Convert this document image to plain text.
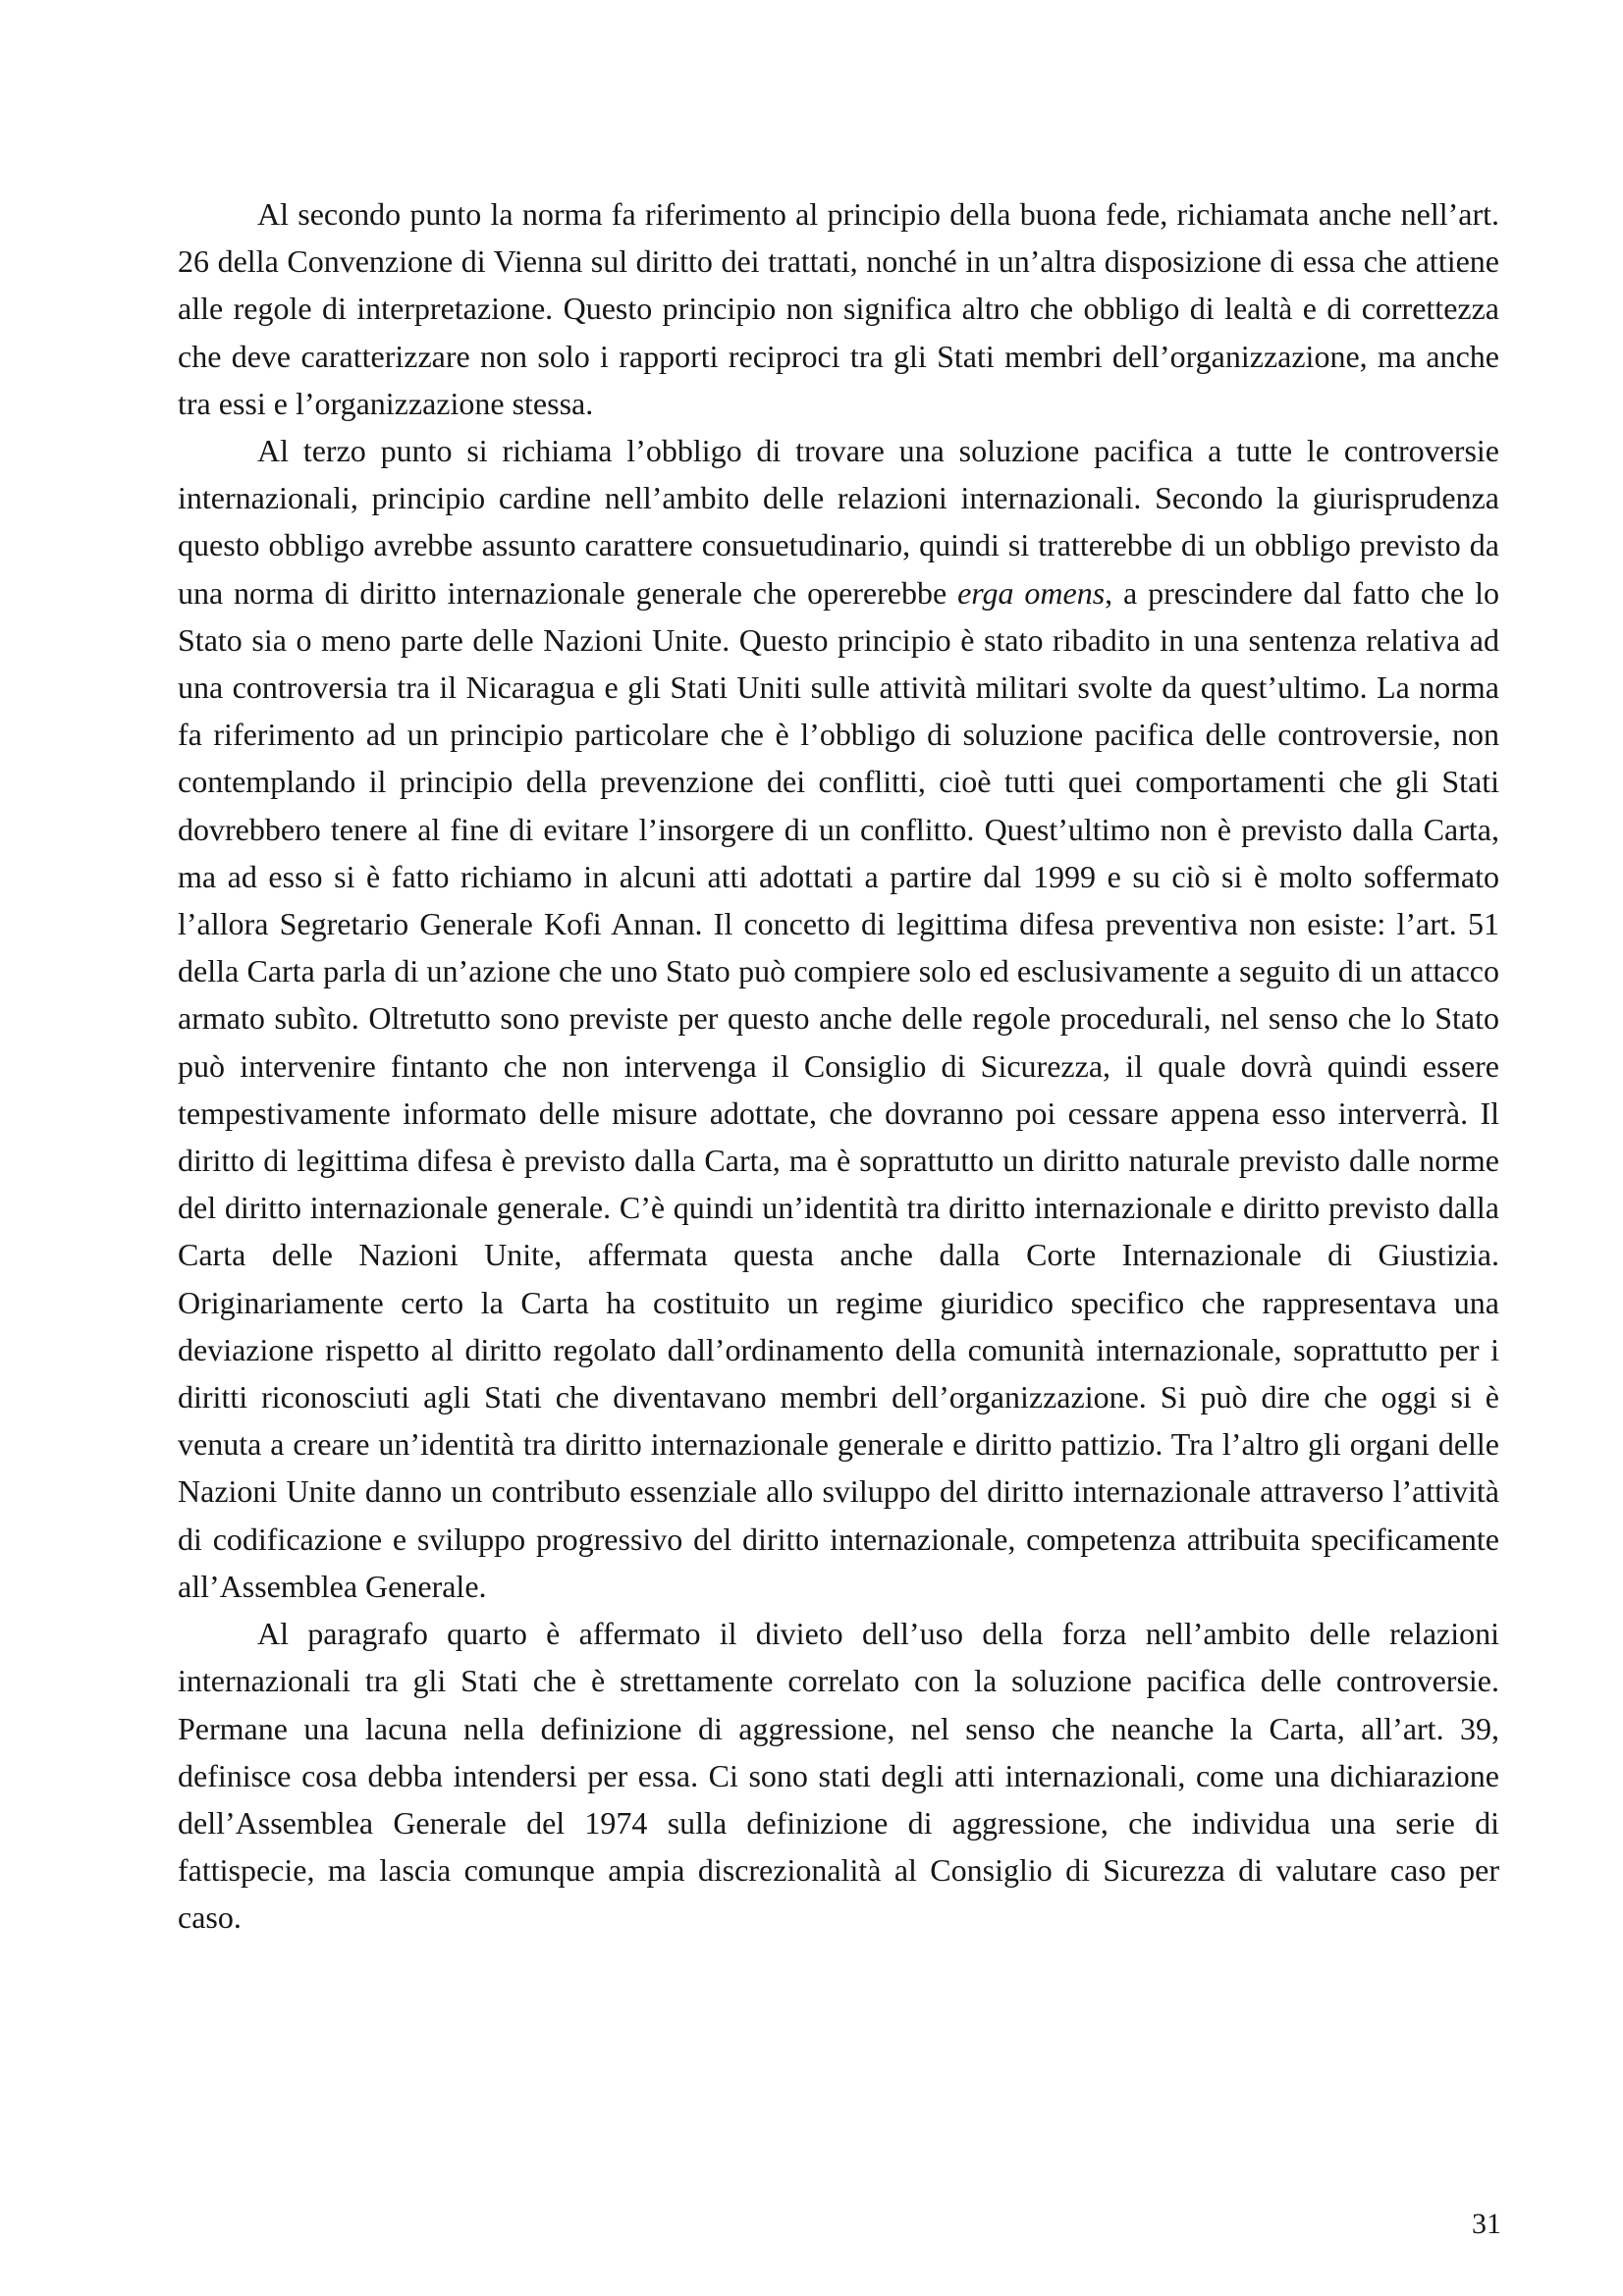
Al secondo punto la norma fa riferimento al principio della buona fede, richiamata anche nell’art. 26 della Convenzione di Vienna sul diritto dei trattati, nonché in un’altra disposizione di essa che attiene alle regole di interpretazione. Questo principio non significa altro che obbligo di lealtà e di correttezza che deve caratterizzare non solo i rapporti reciproci tra gli Stati membri dell’organizzazione, ma anche tra essi e l’organizzazione stessa.

Al terzo punto si richiama l’obbligo di trovare una soluzione pacifica a tutte le controversie internazionali, principio cardine nell’ambito delle relazioni internazionali. Secondo la giurisprudenza questo obbligo avrebbe assunto carattere consuetudinario, quindi si tratterebbe di un obbligo previsto da una norma di diritto internazionale generale che opererebbe erga omens, a prescindere dal fatto che lo Stato sia o meno parte delle Nazioni Unite. Questo principio è stato ribadito in una sentenza relativa ad una controversia tra il Nicaragua e gli Stati Uniti sulle attività militari svolte da quest’ultimo. La norma fa riferimento ad un principio particolare che è l’obbligo di soluzione pacifica delle controversie, non contemplando il principio della prevenzione dei conflitti, cioè tutti quei comportamenti che gli Stati dovrebbero tenere al fine di evitare l’insorgere di un conflitto. Quest’ultimo non è previsto dalla Carta, ma ad esso si è fatto richiamo in alcuni atti adottati a partire dal 1999 e su ciò si è molto soffermato l’allora Segretario Generale Kofi Annan. Il concetto di legittima difesa preventiva non esiste: l’art. 51 della Carta parla di un’azione che uno Stato può compiere solo ed esclusivamente a seguito di un attacco armato subìto. Oltretutto sono previste per questo anche delle regole procedurali, nel senso che lo Stato può intervenire fintanto che non intervenga il Consiglio di Sicurezza, il quale dovrà quindi essere tempestivamente informato delle misure adottate, che dovranno poi cessare appena esso interverrà. Il diritto di legittima difesa è previsto dalla Carta, ma è soprattutto un diritto naturale previsto dalle norme del diritto internazionale generale. C’è quindi un’identità tra diritto internazionale e diritto previsto dalla Carta delle Nazioni Unite, affermata questa anche dalla Corte Internazionale di Giustizia. Originariamente certo la Carta ha costituito un regime giuridico specifico che rappresentava una deviazione rispetto al diritto regolato dall’ordinamento della comunità internazionale, soprattutto per i diritti riconosciuti agli Stati che diventavano membri dell’organizzazione. Si può dire che oggi si è venuta a creare un’identità tra diritto internazionale generale e diritto pattizio. Tra l’altro gli organi delle Nazioni Unite danno un contributo essenziale allo sviluppo del diritto internazionale attraverso l’attività di codificazione e sviluppo progressivo del diritto internazionale, competenza attribuita specificamente all’Assemblea Generale.

Al paragrafo quarto è affermato il divieto dell’uso della forza nell’ambito delle relazioni internazionali tra gli Stati che è strettamente correlato con la soluzione pacifica delle controversie. Permane una lacuna nella definizione di aggressione, nel senso che neanche la Carta, all’art. 39, definisce cosa debba intendersi per essa. Ci sono stati degli atti internazionali, come una dichiarazione dell’Assemblea Generale del 1974 sulla definizione di aggressione, che individua una serie di fattispecie, ma lascia comunque ampia discrezionalità al Consiglio di Sicurezza di valutare caso per caso.

31
